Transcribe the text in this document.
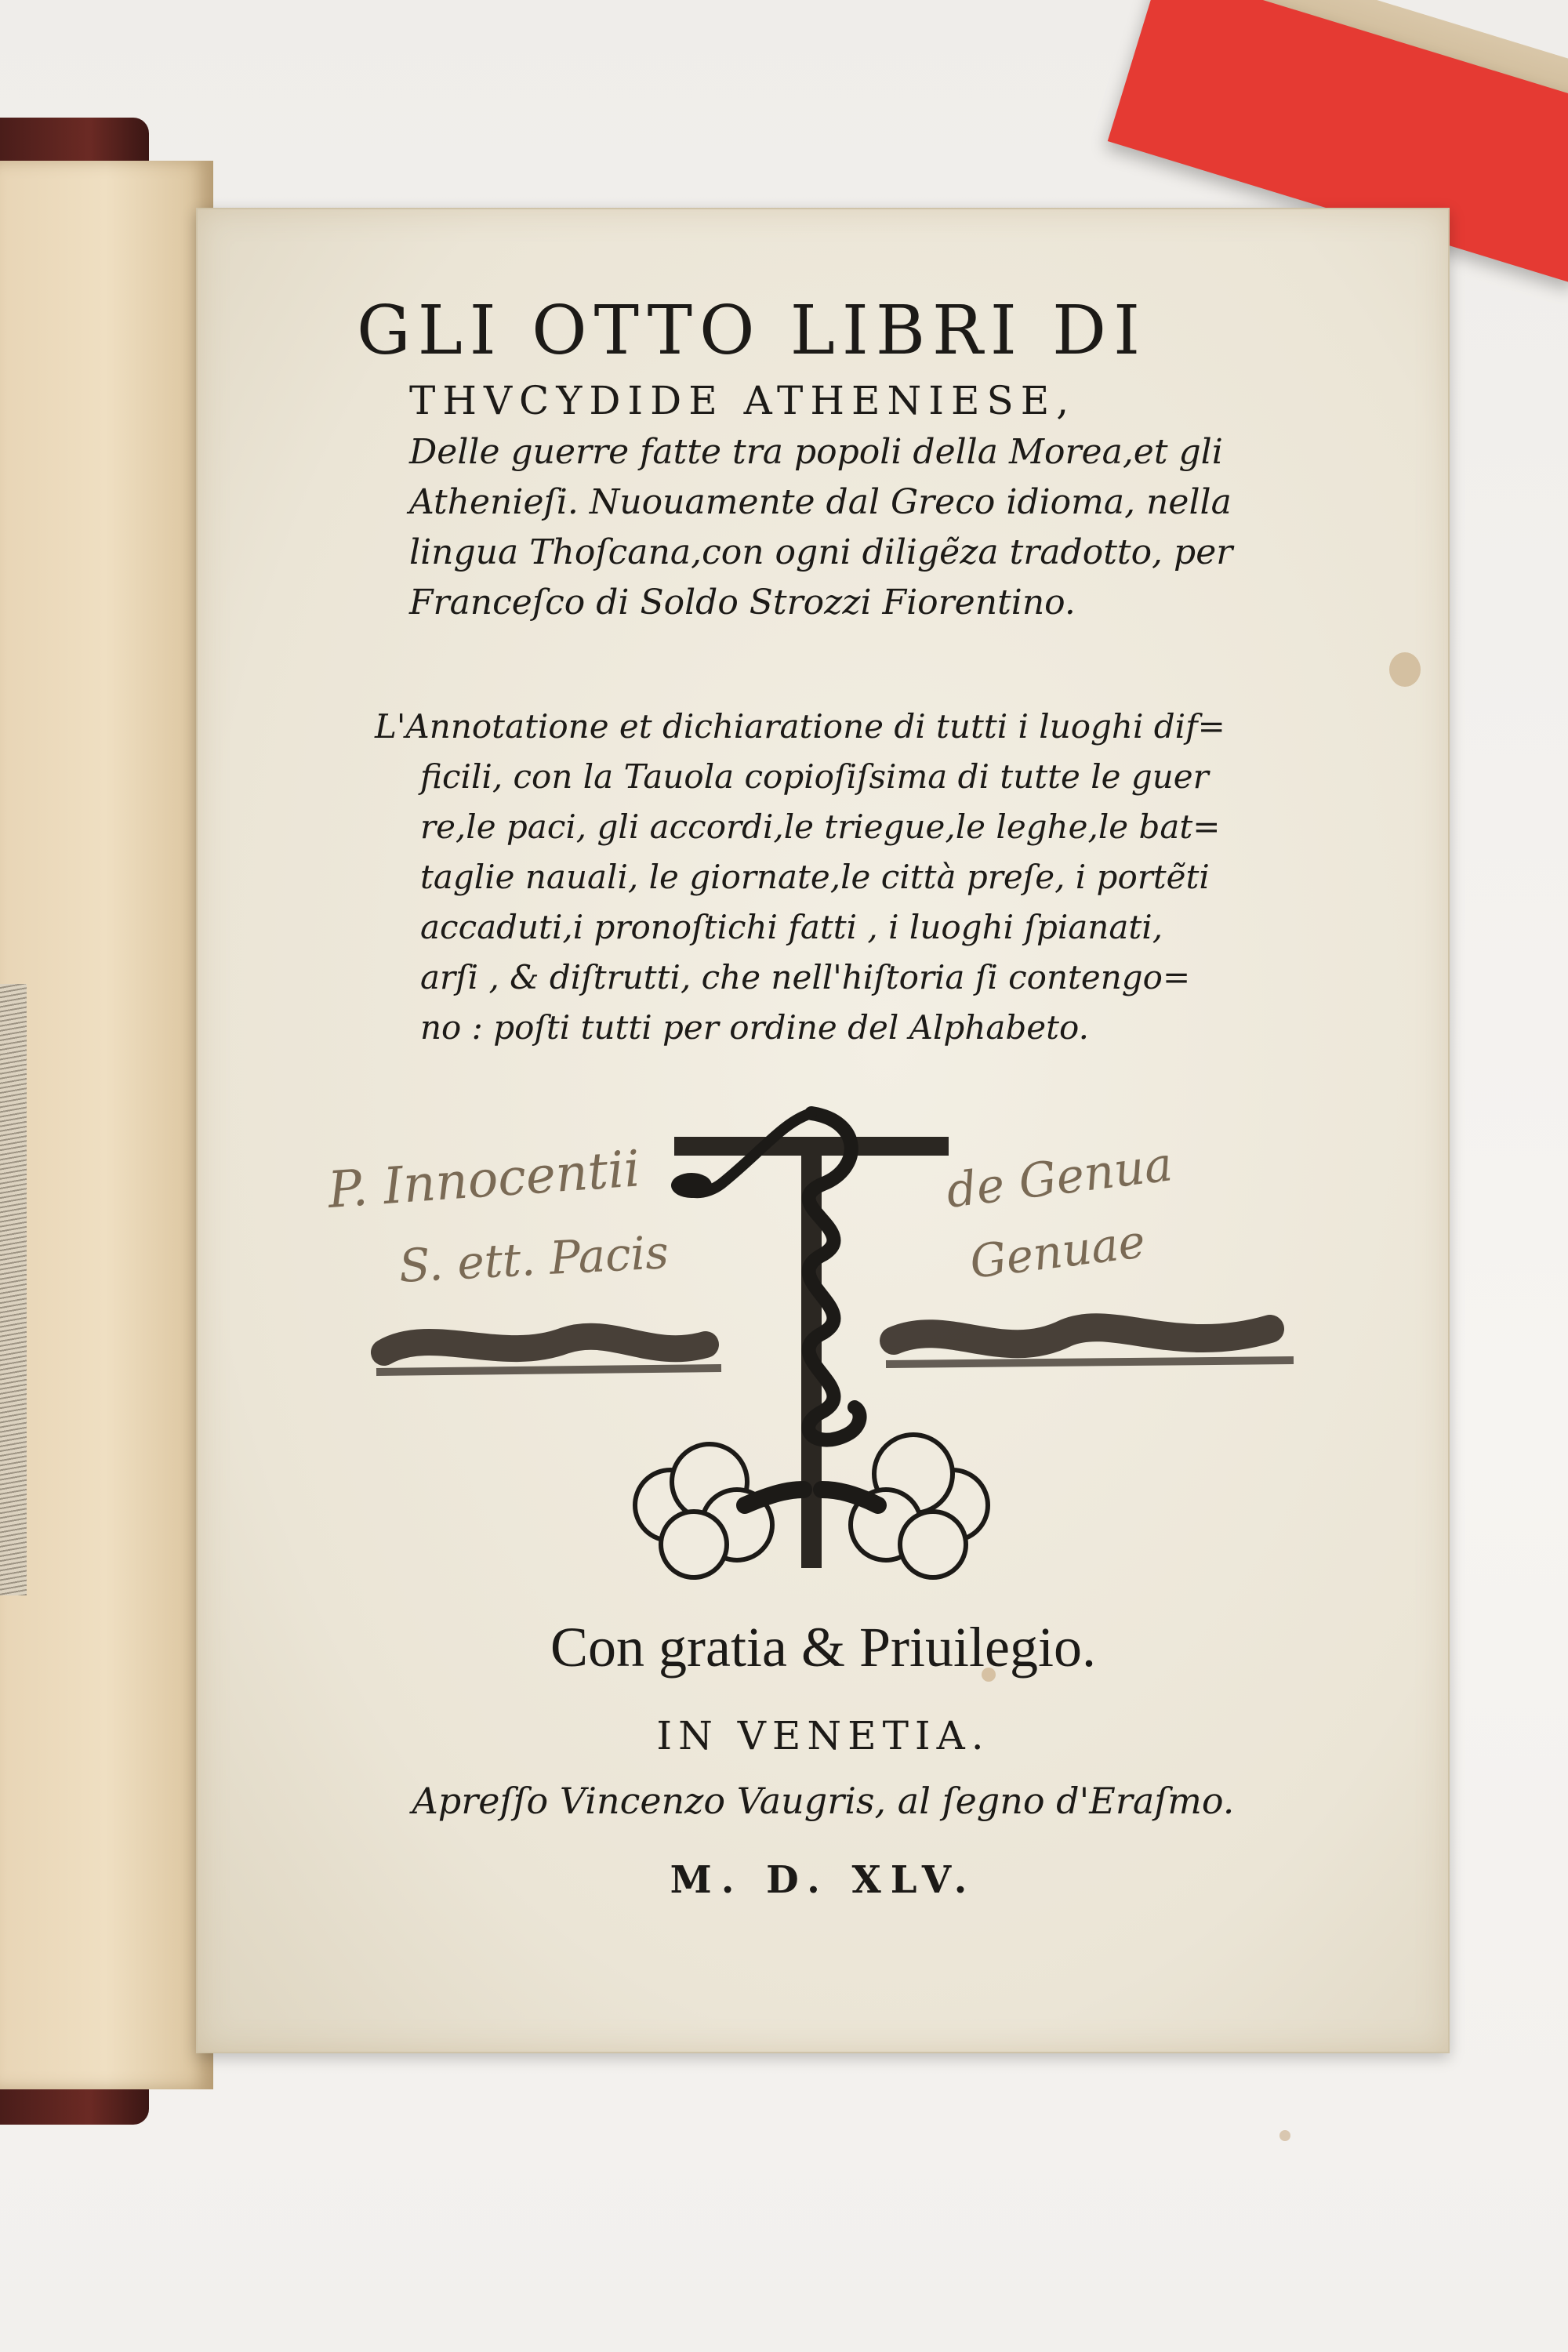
GLI OTTO LIBRI DI
THVCYDIDE ATHENIESE,
Delle guerre fatte tra popoli della Morea,et gli
Athenieſi. Nuouamente dal Greco idioma, nella
lingua Thoſcana,con ogni diligẽza tradotto, per
Franceſco di Soldo Strozzi Fiorentino.
L'Annotatione et dichiaratione di tutti i luoghi dif=
ficili, con la Tauola copioſiſsima di tutte le guer
re,le paci, gli accordi,le triegue,le leghe,le bat=
taglie nauali, le giornate,le città preſe, i portẽti
accaduti,i pronoſtichi fatti , i luoghi ſpianati,
arſi , & diſtrutti, che nell'hiſtoria ſi contengo=
no : poſti tutti per ordine del Alphabeto.
P. Innocentii
S. ett. Pacis
de Genua
Genuae
Con gratia & Priuilegio.
IN VENETIA.
Apreſſo Vincenzo Vaugris, al ſegno d'Eraſmo.
M. D. XLV.
